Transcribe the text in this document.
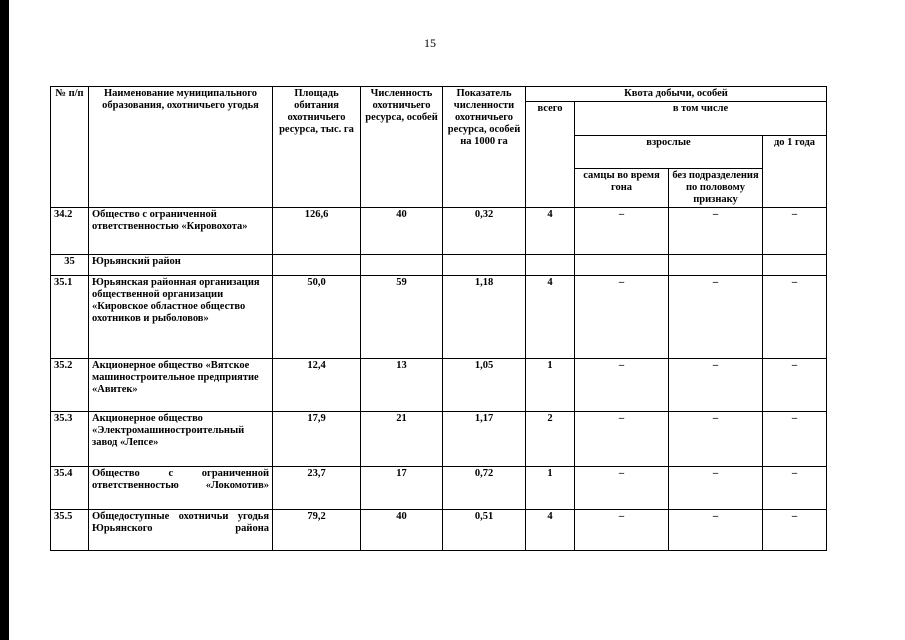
15
№ п/п	Наименование муниципального образования, охотничьего угодья	Площадь обитания охотничьего ресурса, тыс. га	Численность охотничьего ресурса, особей	Показатель численности охотничьего ресурса, особей на 1000 га	Квота добычи, особей			
					всего	в том числе		
						взрослые		до 1 года
						самцы во время гона	без подразделения по половому признаку	
34.2	Общество с ограниченной ответственностью «Кировохота»	126,6	40	0,32	4	–	–	–
35	Юрьянский район							
35.1	Юрьянская районная организация общественной организации «Кировское областное общество охотников и рыболовов»	50,0	59	1,18	4	–	–	–
35.2	Акционерное общество «Вятское машиностроительное предприятие «Авитек»	12,4	13	1,05	1	–	–	–
35.3	Акционерное общество «Электромашиностроительный завод «Лепсе»	17,9	21	1,17	2	–	–	–
35.4	Общество с ограниченной ответственностью «Локомотив»	23,7	17	0,72	1	–	–	–
35.5	Общедоступные охотничьи угодья Юрьянского района	79,2	40	0,51	4	–	–	–
